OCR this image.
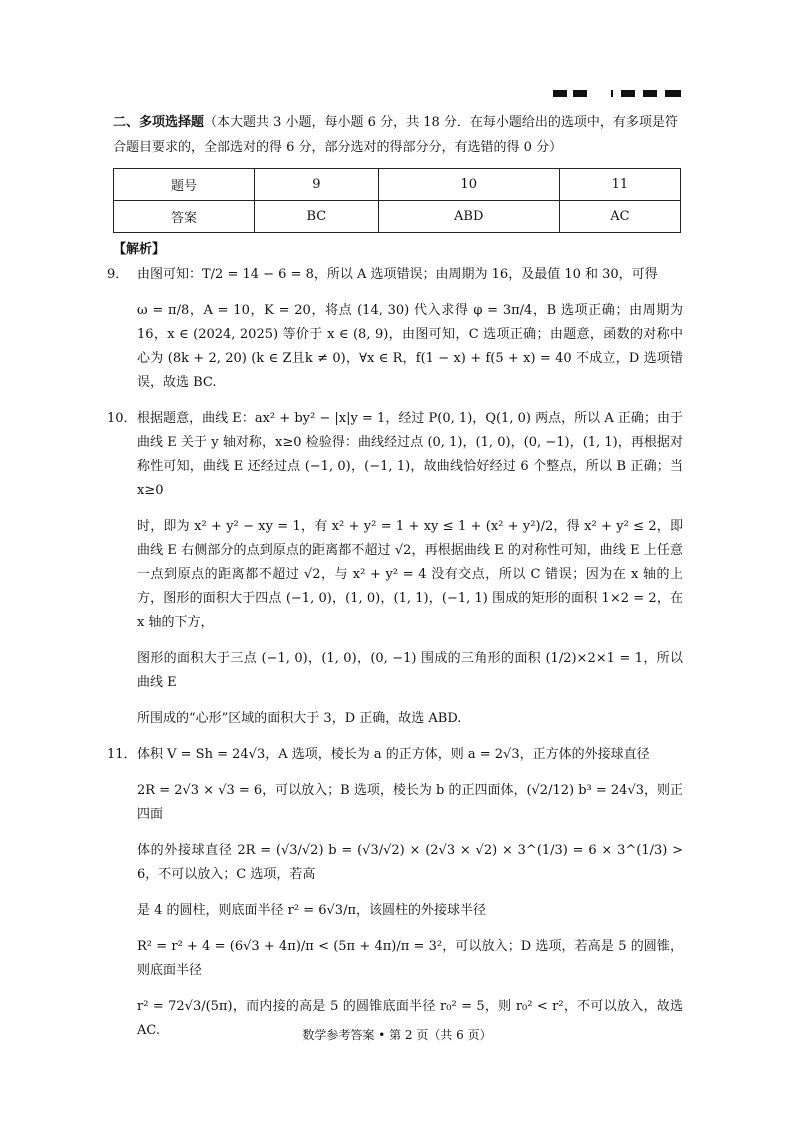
二、多项选择题（本大题共 3 小题，每小题 6 分，共 18 分．在每小题给出的选项中，有多项是符合题目要求的，全部选对的得 6 分，部分选对的得部分分，有选错的得 0 分）

题号	9	10	11
答案	BC	ABD	AC
【解析】
9． 由图可知：T/2 = 14 − 6 = 8，所以 A 选项错误；由周期为 16，及最值 10 和 30，可得

ω = π/8，A = 10，K = 20，将点 (14, 30) 代入求得 φ = 3π/4，B 选项正确；由周期为 16，x ∈ (2024, 2025) 等价于 x ∈ (8, 9)，由图可知，C 选项正确；由题意，函数的对称中心为 (8k + 2, 20) (k ∈ Z且k ≠ 0)，∀x ∈ R，f(1 − x) + f(5 + x) = 40 不成立，D 选项错误，故选 BC.

10． 根据题意，曲线 E：ax² + by² − |x|y = 1，经过 P(0, 1)，Q(1, 0) 两点，所以 A 正确；由于曲线 E 关于 y 轴对称，x≥0 检验得：曲线经过点 (0, 1)，(1, 0)，(0, −1)，(1, 1)，再根据对称性可知，曲线 E 还经过点 (−1, 0)，(−1, 1)，故曲线恰好经过 6 个整点，所以 B 正确；当 x≥0

时，即为 x² + y² − xy = 1，有 x² + y² = 1 + xy ≤ 1 + (x² + y²)/2，得 x² + y² ≤ 2，即曲线 E 右侧部分的点到原点的距离都不超过 √2，再根据曲线 E 的对称性可知，曲线 E 上任意一点到原点的距离都不超过 √2，与 x² + y² = 4 没有交点，所以 C 错误；因为在 x 轴的上方，图形的面积大于四点 (−1, 0)，(1, 0)，(1, 1)，(−1, 1) 围成的矩形的面积 1×2 = 2，在 x 轴的下方，

图形的面积大于三点 (−1, 0)，(1, 0)，(0, −1) 围成的三角形的面积 (1/2)×2×1 = 1，所以曲线 E

所围成的“心形”区域的面积大于 3，D 正确，故选 ABD.

11． 体积 V = Sh = 24√3，A 选项，棱长为 a 的正方体，则 a = 2√3，正方体的外接球直径

2R = 2√3 × √3 = 6，可以放入；B 选项，棱长为 b 的正四面体，(√2/12) b³ = 24√3，则正四面

体的外接球直径 2R = (√3/√2) b = (√3/√2) × (2√3 × √2) × 3^(1/3) = 6 × 3^(1/3) > 6，不可以放入；C 选项，若高

是 4 的圆柱，则底面半径 r² = 6√3/π，该圆柱的外接球半径

R² = r² + 4 = (6√3 + 4π)/π < (5π + 4π)/π = 3²，可以放入；D 选项，若高是 5 的圆锥，则底面半径

r² = 72√3/(5π)，而内接的高是 5 的圆锥底面半径 r₀² = 5，则 r₀² < r²，不可以放入，故选 AC.	数学参考答案 • 第 2 页（共 6 页）
